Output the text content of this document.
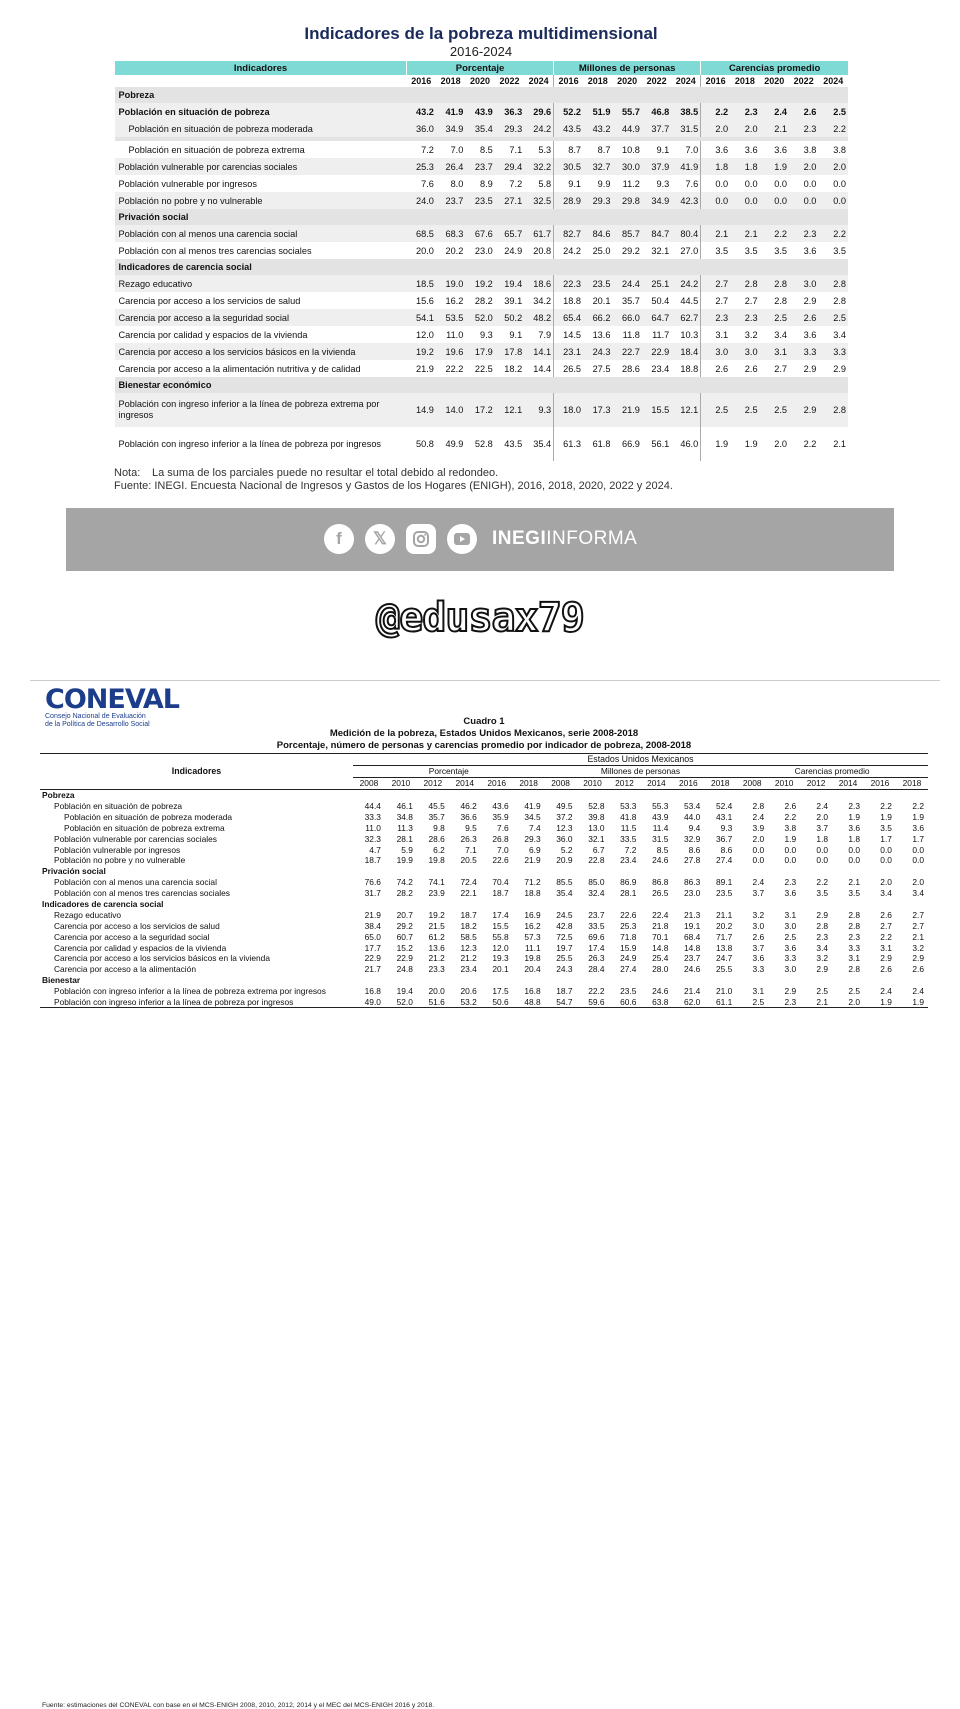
Indicadores de la pobreza multidimensional
2016-2024
Indicadores	Porcentaje					Millones de personas					Carencias promedio				
	2016	2018	2020	2022	2024	2016	2018	2020	2022	2024	2016	2018	2020	2022	2024
Pobreza															
Población en situación de pobreza	43.2	41.9	43.9	36.3	29.6	52.2	51.9	55.7	46.8	38.5	2.2	2.3	2.4	2.6	2.5
Población en situación de pobreza moderada	36.0	34.9	35.4	29.3	24.2	43.5	43.2	44.9	37.7	31.5	2.0	2.0	2.1	2.3	2.2

Población en situación de pobreza extrema	7.2	7.0	8.5	7.1	5.3	8.7	8.7	10.8	9.1	7.0	3.6	3.6	3.6	3.8	3.8
Población vulnerable por carencias sociales	25.3	26.4	23.7	29.4	32.2	30.5	32.7	30.0	37.9	41.9	1.8	1.8	1.9	2.0	2.0
Población vulnerable por ingresos	7.6	8.0	8.9	7.2	5.8	9.1	9.9	11.2	9.3	7.6	0.0	0.0	0.0	0.0	0.0
Población no pobre y no vulnerable	24.0	23.7	23.5	27.1	32.5	28.9	29.3	29.8	34.9	42.3	0.0	0.0	0.0	0.0	0.0
Privación social															
Población con al menos una carencia social	68.5	68.3	67.6	65.7	61.7	82.7	84.6	85.7	84.7	80.4	2.1	2.1	2.2	2.3	2.2
Población con al menos tres carencias sociales	20.0	20.2	23.0	24.9	20.8	24.2	25.0	29.2	32.1	27.0	3.5	3.5	3.5	3.6	3.5
Indicadores de carencia social															
Rezago educativo	18.5	19.0	19.2	19.4	18.6	22.3	23.5	24.4	25.1	24.2	2.7	2.8	2.8	3.0	2.8
Carencia por acceso a los servicios de salud	15.6	16.2	28.2	39.1	34.2	18.8	20.1	35.7	50.4	44.5	2.7	2.7	2.8	2.9	2.8
Carencia por acceso a la seguridad social	54.1	53.5	52.0	50.2	48.2	65.4	66.2	66.0	64.7	62.7	2.3	2.3	2.5	2.6	2.5
Carencia por calidad y espacios de la vivienda	12.0	11.0	9.3	9.1	7.9	14.5	13.6	11.8	11.7	10.3	3.1	3.2	3.4	3.6	3.4
Carencia por acceso a los servicios básicos en la vivienda	19.2	19.6	17.9	17.8	14.1	23.1	24.3	22.7	22.9	18.4	3.0	3.0	3.1	3.3	3.3
Carencia por acceso a la alimentación nutritiva y de calidad	21.9	22.2	22.5	18.2	14.4	26.5	27.5	28.6	23.4	18.8	2.6	2.6	2.7	2.9	2.9
Bienestar económico															
Población con ingreso inferior a la línea de pobreza extrema por ingresos	14.9	14.0	17.2	12.1	9.3	18.0	17.3	21.9	15.5	12.1	2.5	2.5	2.5	2.9	2.8
Población con ingreso inferior a la línea de pobreza por ingresos	50.8	49.9	52.8	43.5	35.4	61.3	61.8	66.9	56.1	46.0	1.9	1.9	2.0	2.2	2.1
Nota: La suma de los parciales puede no resultar el total debido al redondeo.
Fuente: INEGI. Encuesta Nacional de Ingresos y Gastos de los Hogares (ENIGH), 2016, 2018, 2020, 2022 y 2024.
f	𝕏	INEGIINFORMA
@edusax79
CONEVAL
Consejo Nacional de Evaluación
de la Política de Desarrollo Social	Cuadro 1
Medición de la pobreza, Estados Unidos Mexicanos, serie 2008-2018
Porcentaje, número de personas y carencias promedio por indicador de pobreza, 2008-2018
Indicadores	Estados Unidos Mexicanos																	
	Porcentaje						Millones de personas						Carencias promedio					
	2008	2010	2012	2014	2016	2018	2008	2010	2012	2014	2016	2018	2008	2010	2012	2014	2016	2018
Pobreza																		
Población en situación de pobreza	44.4	46.1	45.5	46.2	43.6	41.9	49.5	52.8	53.3	55.3	53.4	52.4	2.8	2.6	2.4	2.3	2.2	2.2
Población en situación de pobreza moderada	33.3	34.8	35.7	36.6	35.9	34.5	37.2	39.8	41.8	43.9	44.0	43.1	2.4	2.2	2.0	1.9	1.9	1.9
Población en situación de pobreza extrema	11.0	11.3	9.8	9.5	7.6	7.4	12.3	13.0	11.5	11.4	9.4	9.3	3.9	3.8	3.7	3.6	3.5	3.6
Población vulnerable por carencias sociales	32.3	28.1	28.6	26.3	26.8	29.3	36.0	32.1	33.5	31.5	32.9	36.7	2.0	1.9	1.8	1.8	1.7	1.7
Población vulnerable por ingresos	4.7	5.9	6.2	7.1	7.0	6.9	5.2	6.7	7.2	8.5	8.6	8.6	0.0	0.0	0.0	0.0	0.0	0.0
Población no pobre y no vulnerable	18.7	19.9	19.8	20.5	22.6	21.9	20.9	22.8	23.4	24.6	27.8	27.4	0.0	0.0	0.0	0.0	0.0	0.0
Privación social																		
Población con al menos una carencia social	76.6	74.2	74.1	72.4	70.4	71.2	85.5	85.0	86.9	86.8	86.3	89.1	2.4	2.3	2.2	2.1	2.0	2.0
Población con al menos tres carencias sociales	31.7	28.2	23.9	22.1	18.7	18.8	35.4	32.4	28.1	26.5	23.0	23.5	3.7	3.6	3.5	3.5	3.4	3.4
Indicadores de carencia social																		
Rezago educativo	21.9	20.7	19.2	18.7	17.4	16.9	24.5	23.7	22.6	22.4	21.3	21.1	3.2	3.1	2.9	2.8	2.6	2.7
Carencia por acceso a los servicios de salud	38.4	29.2	21.5	18.2	15.5	16.2	42.8	33.5	25.3	21.8	19.1	20.2	3.0	3.0	2.8	2.8	2.7	2.7
Carencia por acceso a la seguridad social	65.0	60.7	61.2	58.5	55.8	57.3	72.5	69.6	71.8	70.1	68.4	71.7	2.6	2.5	2.3	2.3	2.2	2.1
Carencia por calidad y espacios de la vivienda	17.7	15.2	13.6	12.3	12.0	11.1	19.7	17.4	15.9	14.8	14.8	13.8	3.7	3.6	3.4	3.3	3.1	3.2
Carencia por acceso a los servicios básicos en la vivienda	22.9	22.9	21.2	21.2	19.3	19.8	25.5	26.3	24.9	25.4	23.7	24.7	3.6	3.3	3.2	3.1	2.9	2.9
Carencia por acceso a la alimentación	21.7	24.8	23.3	23.4	20.1	20.4	24.3	28.4	27.4	28.0	24.6	25.5	3.3	3.0	2.9	2.8	2.6	2.6
Bienestar																		
Población con ingreso inferior a la línea de pobreza extrema por ingresos	16.8	19.4	20.0	20.6	17.5	16.8	18.7	22.2	23.5	24.6	21.4	21.0	3.1	2.9	2.5	2.5	2.4	2.4
Población con ingreso inferior a la línea de pobreza por ingresos	49.0	52.0	51.6	53.2	50.6	48.8	54.7	59.6	60.6	63.8	62.0	61.1	2.5	2.3	2.1	2.0	1.9	1.9
Fuente: estimaciones del CONEVAL con base en el MCS-ENIGH 2008, 2010, 2012, 2014 y el MEC del MCS-ENIGH 2016 y 2018.
